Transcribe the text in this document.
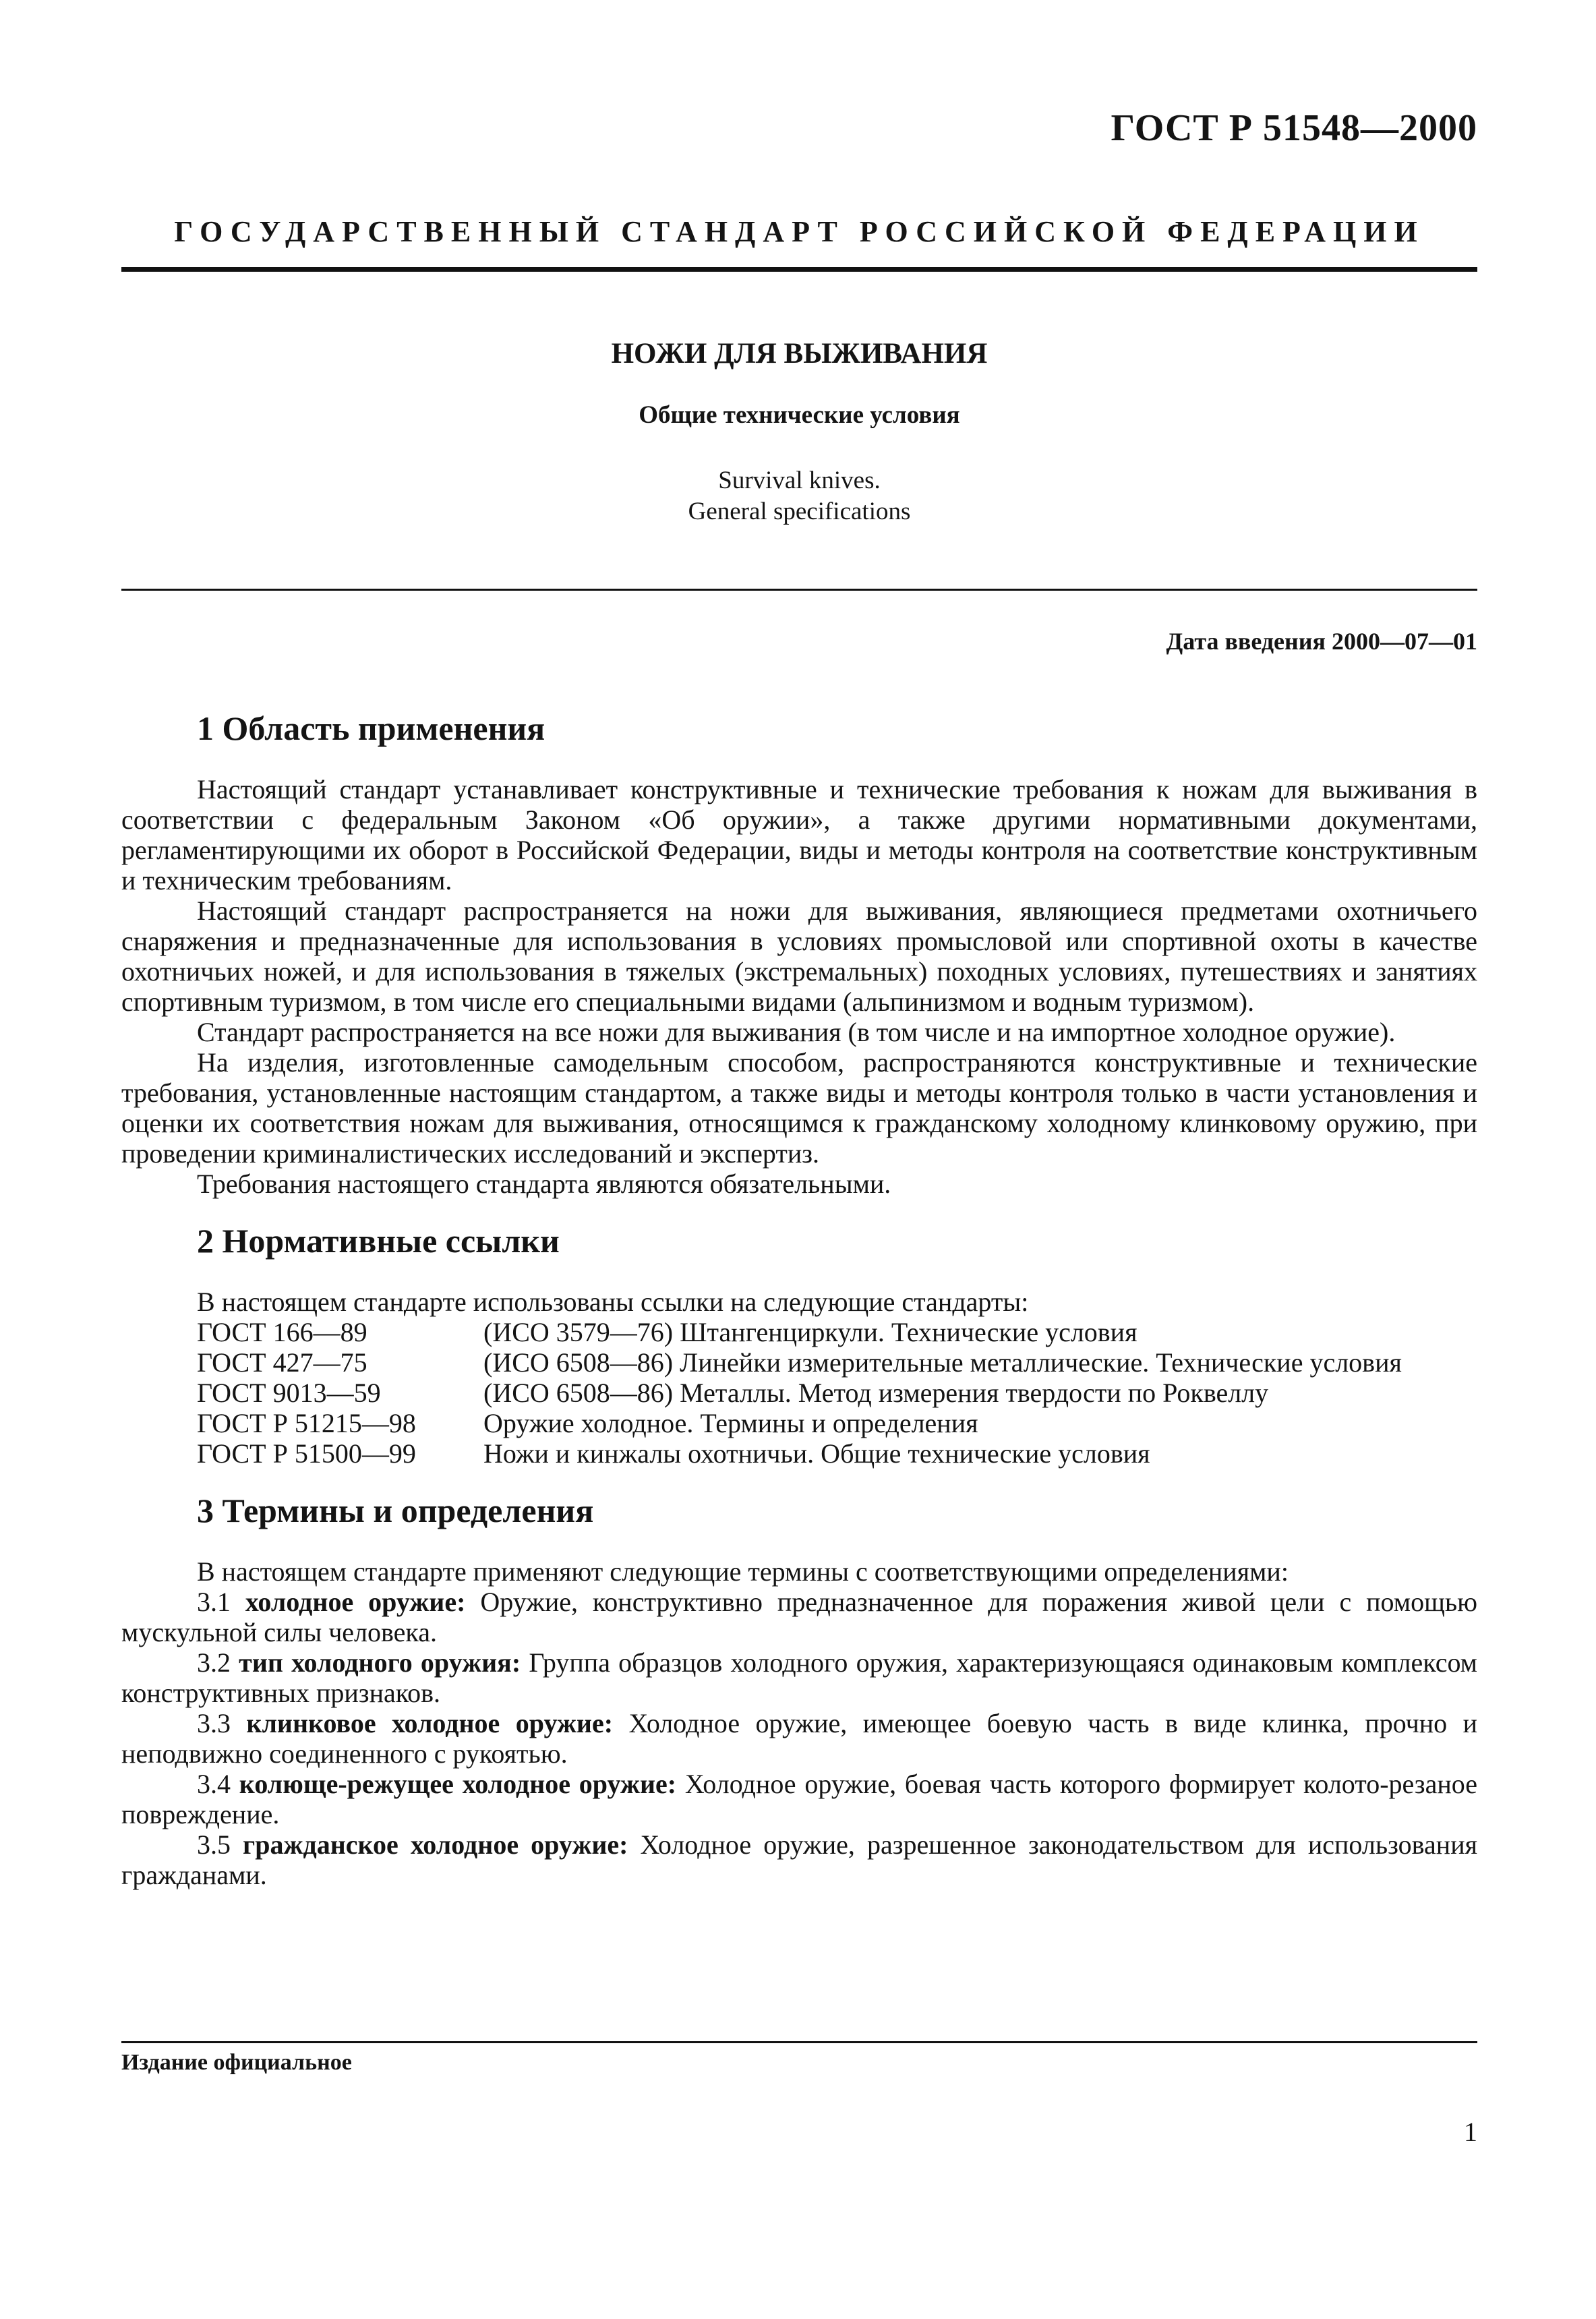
ГОСТ Р 51548—2000
ГОСУДАРСТВЕННЫЙ СТАНДАРТ РОССИЙСКОЙ ФЕДЕРАЦИИ
НОЖИ ДЛЯ ВЫЖИВАНИЯ
Общие технические условия
Survival knives.
General specifications
Дата введения 2000—07—01
1 Область применения

Настоящий стандарт устанавливает конструктивные и технические требования к ножам для выживания в соответствии с федеральным Законом «Об оружии», а также другими нормативными документами, регламентирующими их оборот в Российской Федерации, виды и методы контроля на соответствие конструктивным и техническим требованиям.

Настоящий стандарт распространяется на ножи для выживания, являющиеся предметами охотничьего снаряжения и предназначенные для использования в условиях промысловой или спортивной охоты в качестве охотничьих ножей, и для использования в тяжелых (экстремальных) походных условиях, путешествиях и занятиях спортивным туризмом, в том числе его специальными видами (альпинизмом и водным туризмом).

Стандарт распространяется на все ножи для выживания (в том числе и на импортное холодное оружие).

На изделия, изготовленные самодельным способом, распространяются конструктивные и технические требования, установленные настоящим стандартом, а также виды и методы контроля только в части установления и оценки их соответствия ножам для выживания, относящимся к гражданскому холодному клинковому оружию, при проведении криминалистических исследований и экспертиз.

Требования настоящего стандарта являются обязательными.

2 Нормативные ссылки

В настоящем стандарте использованы ссылки на следующие стандарты:

ГОСТ 166—89	(ИСО 3579—76) Штангенциркули. Технические условия
ГОСТ 427—75	(ИСО 6508—86) Линейки измерительные металлические. Технические условия
ГОСТ 9013—59	(ИСО 6508—86) Металлы. Метод измерения твердости по Роквеллу
ГОСТ Р 51215—98	Оружие холодное. Термины и определения
ГОСТ Р 51500—99	Ножи и кинжалы охотничьи. Общие технические условия
3 Термины и определения

В настоящем стандарте применяют следующие термины с соответствующими определениями:

3.1 холодное оружие: Оружие, конструктивно предназначенное для поражения живой цели с помощью мускульной силы человека.

3.2 тип холодного оружия: Группа образцов холодного оружия, характеризующаяся одинаковым комплексом конструктивных признаков.

3.3 клинковое холодное оружие: Холодное оружие, имеющее боевую часть в виде клинка, прочно и неподвижно соединенного с рукоятью.

3.4 колюще-режущее холодное оружие: Холодное оружие, боевая часть которого формирует колото-резаное повреждение.

3.5 гражданское холодное оружие: Холодное оружие, разрешенное законодательством для использования гражданами.

Издание официальное
1
